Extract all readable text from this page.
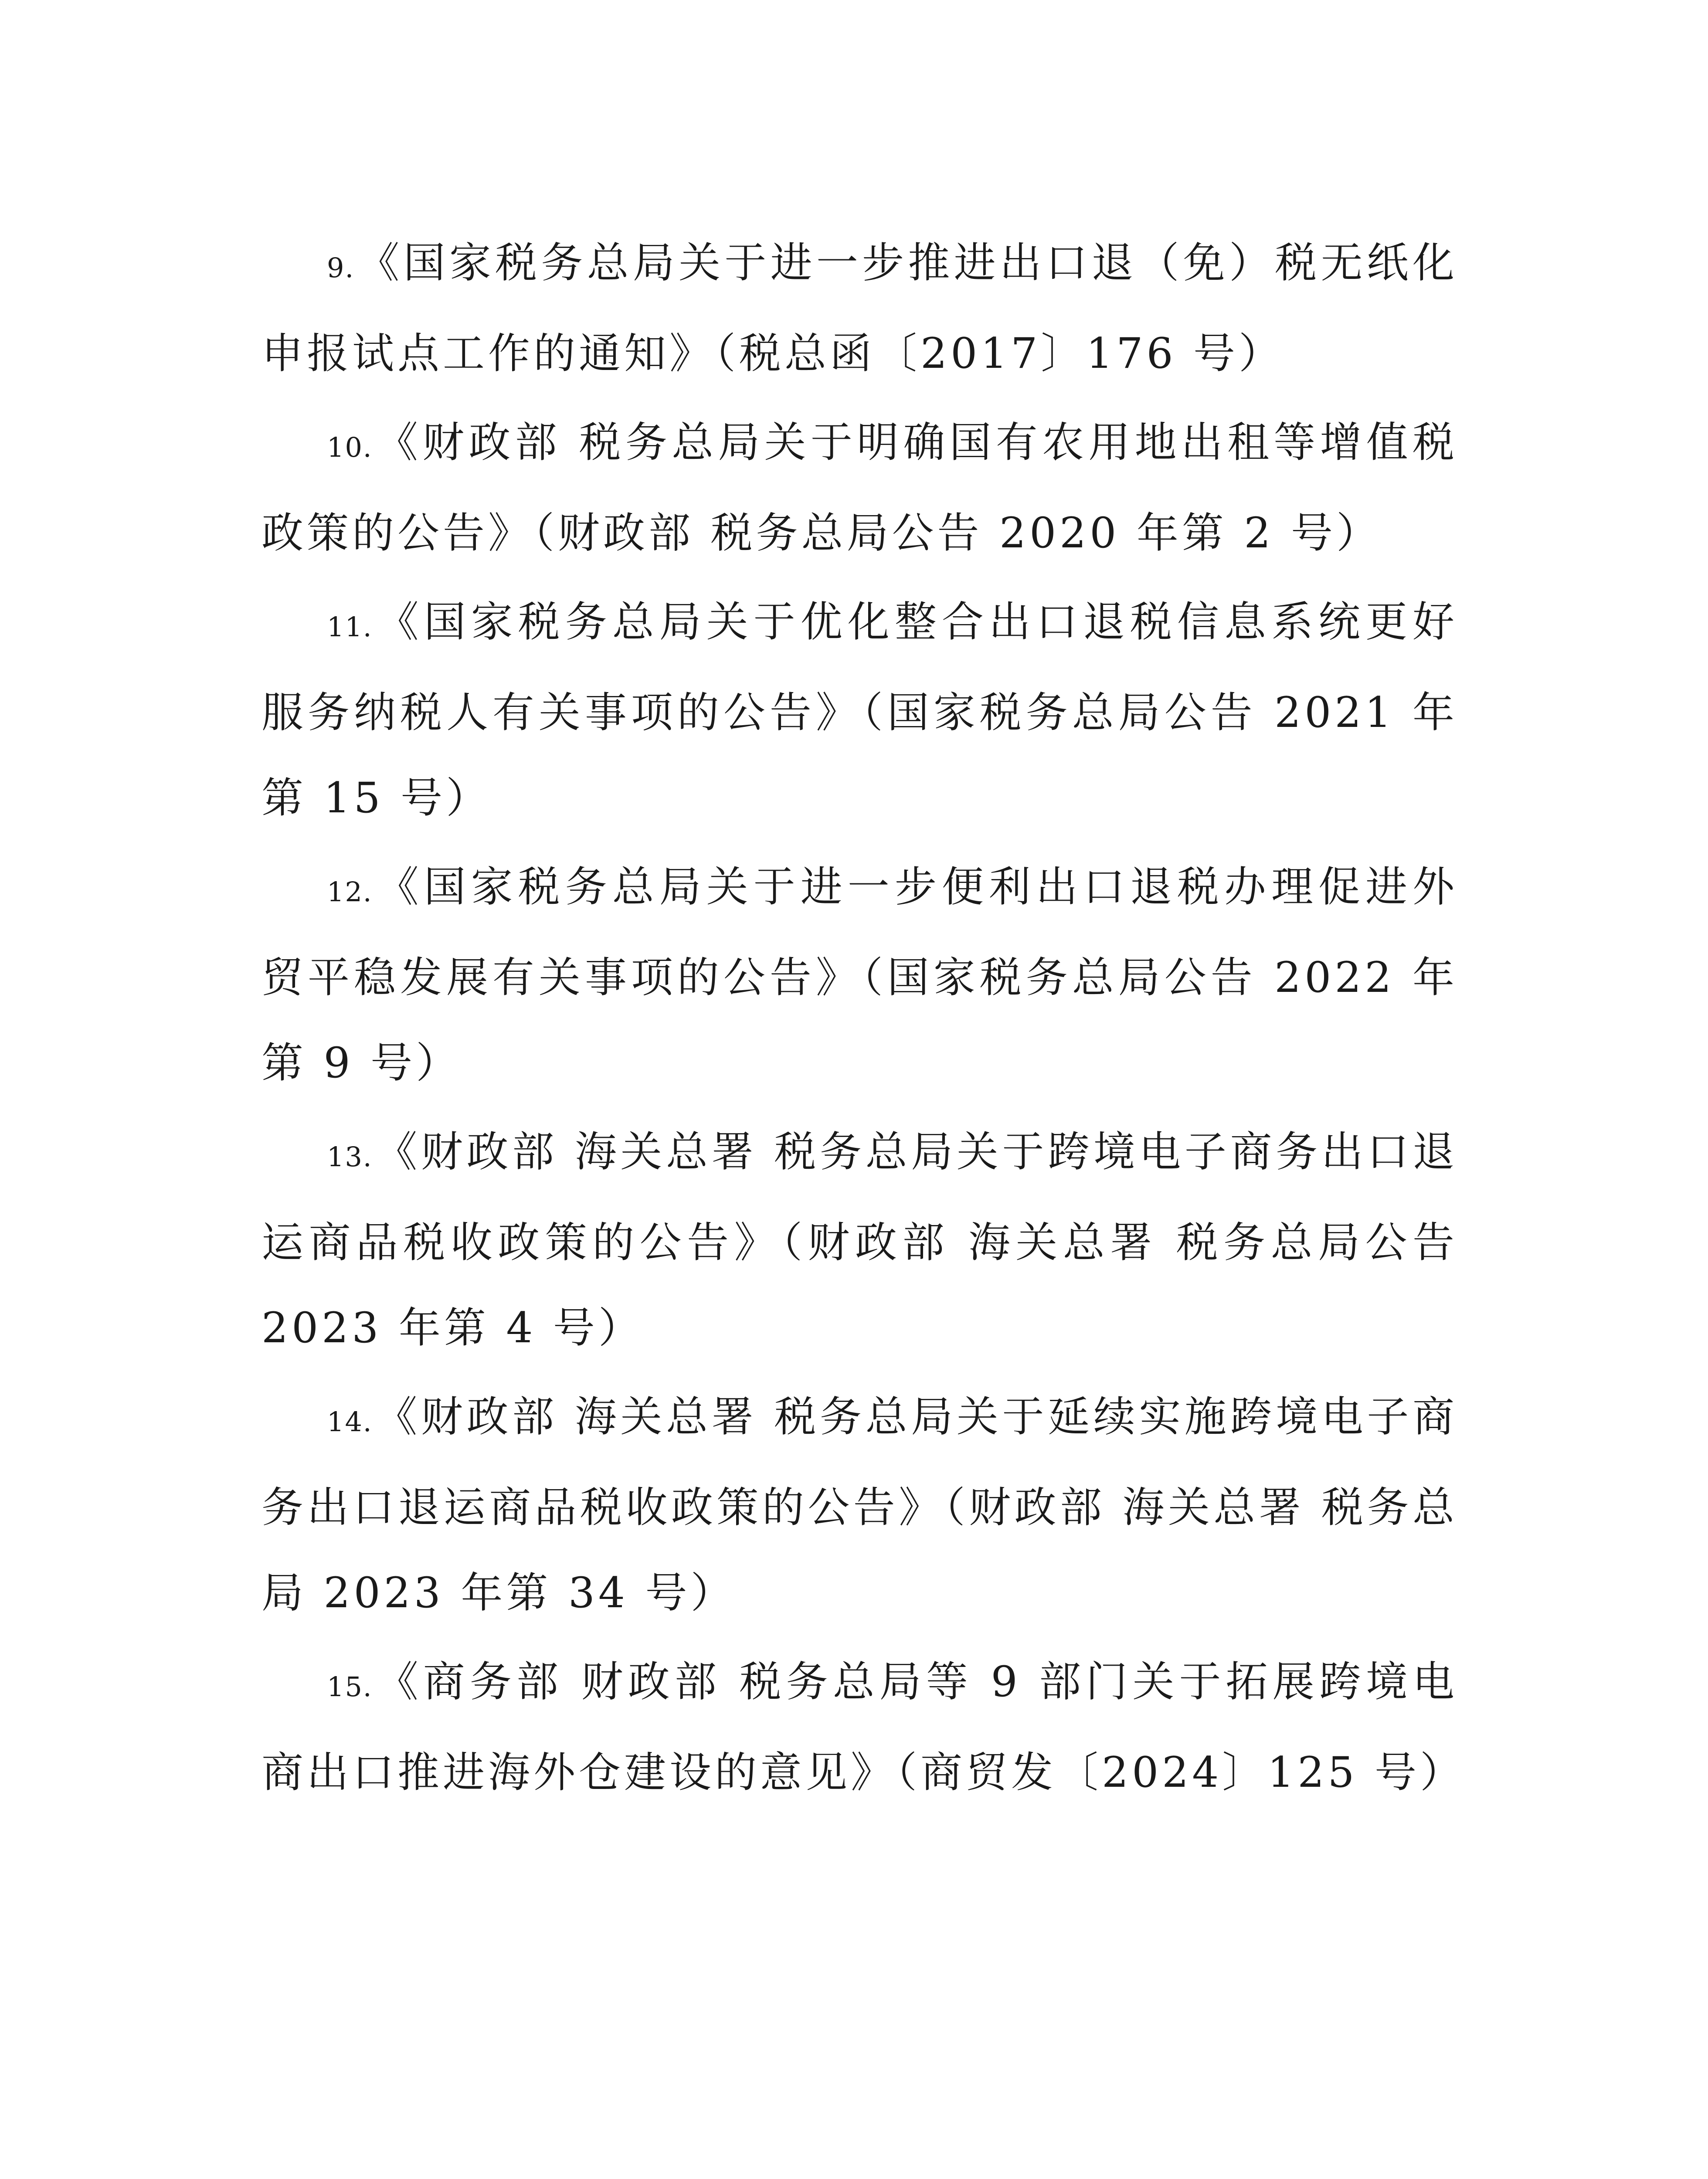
9.《国家税务总局关于进一步推进出口退（免）税无纸化申报试点工作的通知》（税总函〔2017〕176 号）

10.《财政部 税务总局关于明确国有农用地出租等增值税政策的公告》（财政部 税务总局公告 2020 年第 2 号）

11.《国家税务总局关于优化整合出口退税信息系统更好服务纳税人有关事项的公告》（国家税务总局公告 2021 年第 15 号）

12.《国家税务总局关于进一步便利出口退税办理促进外贸平稳发展有关事项的公告》（国家税务总局公告 2022 年第 9 号）

13.《财政部 海关总署 税务总局关于跨境电子商务出口退运商品税收政策的公告》（财政部 海关总署 税务总局公告 2023 年第 4 号）

14.《财政部 海关总署 税务总局关于延续实施跨境电子商务出口退运商品税收政策的公告》（财政部 海关总署 税务总局 2023 年第 34 号）

15.《商务部 财政部 税务总局等 9 部门关于拓展跨境电商出口推进海外仓建设的意见》（商贸发〔2024〕125 号）
